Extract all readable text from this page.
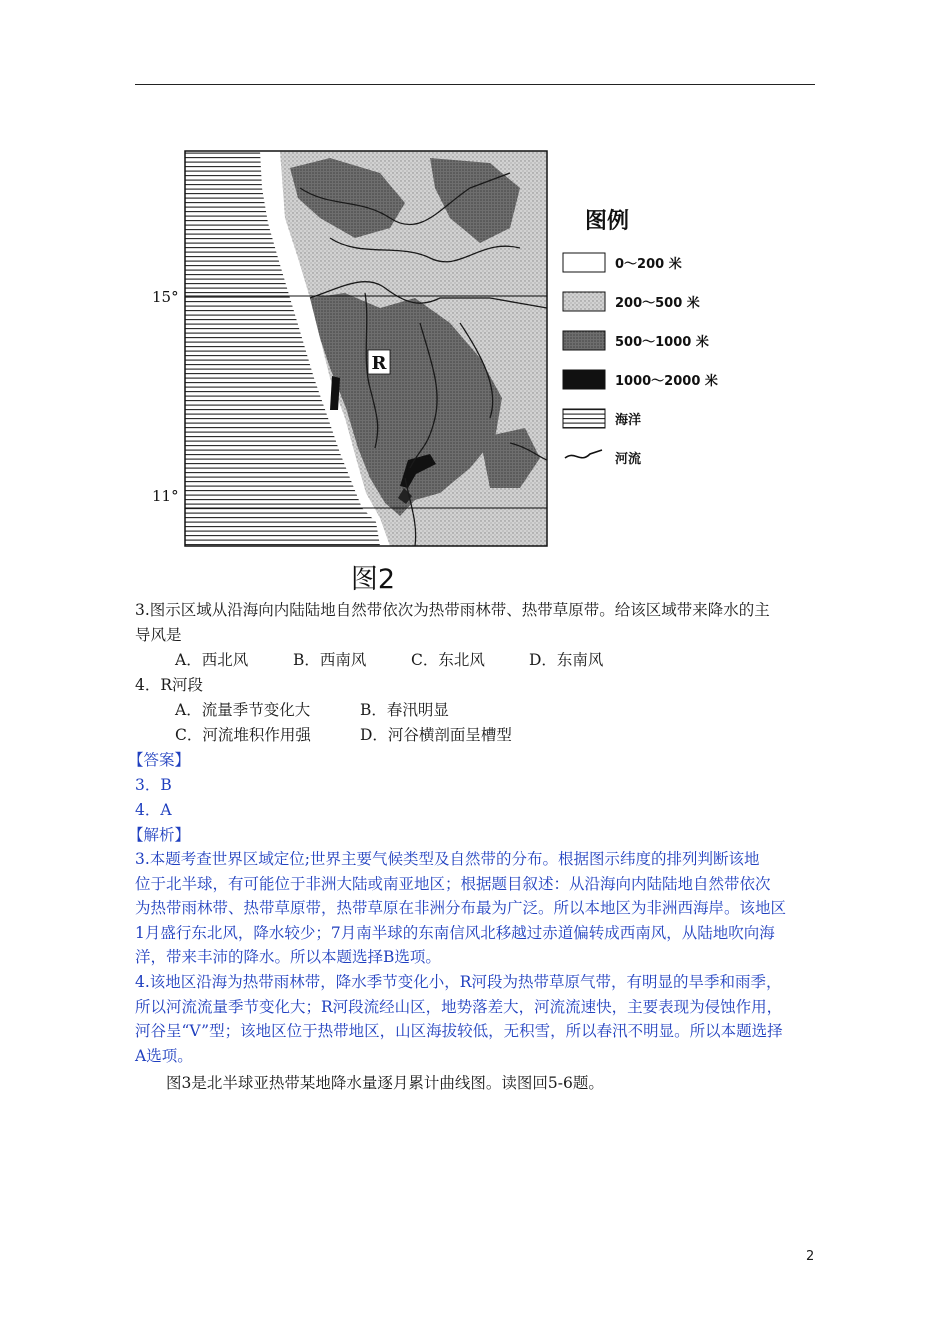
R
15°
11°
图例
0～200 米
200～500 米
500～1000 米
1000～2000 米
海洋
河流
图2
3.图示区域从沿海向内陆陆地自然带依次为热带雨林带、热带草原带。给该区域带来降水的主
导风是
A．西北风	B．西南风	C．东北风	D．东南风
4．R河段
A．流量季节变化大	B．春汛明显
C．河流堆积作用强	D．河谷横剖面呈槽型
【答案】
3．B
4．A
【解析】
3.本题考查世界区域定位;世界主要气候类型及自然带的分布。根据图示纬度的排列判断该地
位于北半球，有可能位于非洲大陆或南亚地区；根据题目叙述：从沿海向内陆陆地自然带依次
为热带雨林带、热带草原带，热带草原在非洲分布最为广泛。所以本地区为非洲西海岸。该地区
1月盛行东北风，降水较少；7月南半球的东南信风北移越过赤道偏转成西南风，从陆地吹向海
洋，带来丰沛的降水。所以本题选择B选项。
4.该地区沿海为热带雨林带，降水季节变化小，R河段为热带草原气带，有明显的旱季和雨季，
所以河流流量季节变化大；R河段流经山区，地势落差大，河流流速快，主要表现为侵蚀作用，
河谷呈“V”型；该地区位于热带地区，山区海拔较低，无积雪，所以春汛不明显。所以本题选择
A选项。
图3是北半球亚热带某地降水量逐月累计曲线图。读图回5-6题。
2
